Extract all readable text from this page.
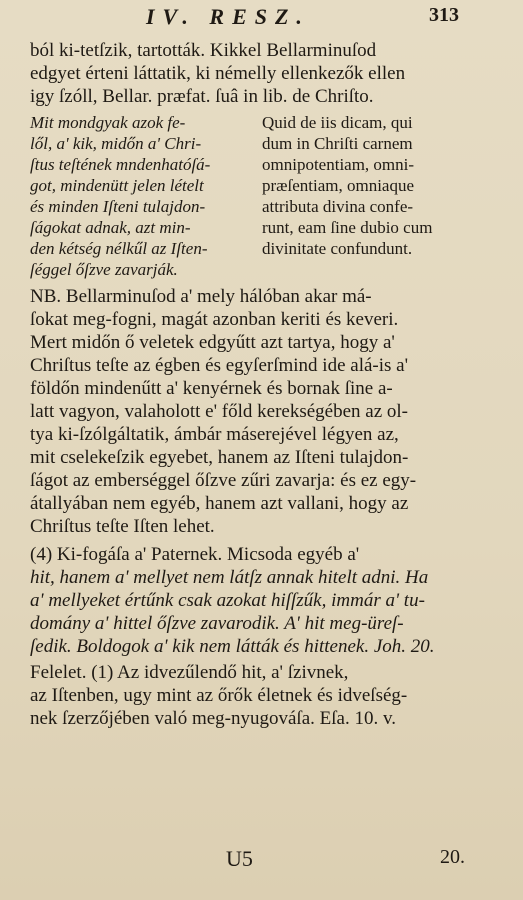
IV. RESZ.	313
ból ki-tetſzik, tartották. Kikkel Bellarminuſod
edgyet érteni láttatik, ki némelly ellenkezők ellen
igy ſzóll, Bellar. præfat. ſuâ in lib. de Chriſto.
Mit mondgyak azok fe-
lől, a' kik, midőn a' Chri-
ſtus teſtének mndenhatóſá-
got, mindenütt jelen lételt
és minden Iſteni tulajdon-
ſágokat adnak, azt min-
den kétség nélkűl az Iſten-
ſéggel őſzve zavarják.
Quid de iis dicam, qui
dum in Chriſti carnem
omnipotentiam, omni-
præſentiam, omniaque
attributa divina confe-
runt, eam ſine dubio cum
divinitate confundunt.
NB. Bellarminuſod a' mely hálóban akar má-
ſokat meg-fogni, magát azonban keriti és keveri.
Mert midőn ő veletek edgyűtt azt tartya, hogy a'
Chriſtus teſte az égben és egyſerſmind ide alá-is a'
földőn mindenűtt a' kenyérnek és bornak ſine a-
latt vagyon, valaholott e' főld kerekségében az ol-
tya ki-ſzólgáltatik, ámbár máserejével légyen az,
mit cselekeſzik egyebet, hanem az Iſteni tulajdon-
ſágot az emberséggel őſzve zűri zavarja: és ez egy-
átallyában nem egyéb, hanem azt vallani, hogy az
Chriſtus teſte Iſten lehet.
(4) Ki-fogáſa a' Paternek. Micsoda egyéb a'
hit, hanem a' mellyet nem látſz annak hitelt adni. Ha
a' mellyeket értűnk csak azokat hiſſzűk, immár a' tu-
domány a' hittel őſzve zavarodik. A' hit meg-üreſ-
ſedik. Boldogok a' kik nem látták és hittenek. Joh. 20.
Felelet. (1) Az idvezűlendő hit, a' ſzivnek,
az Iſtenben, ugy mint az őrők életnek és idveſség-
nek ſzerzőjében való meg-nyugováſa. Eſa. 10. v.
U5	20.
